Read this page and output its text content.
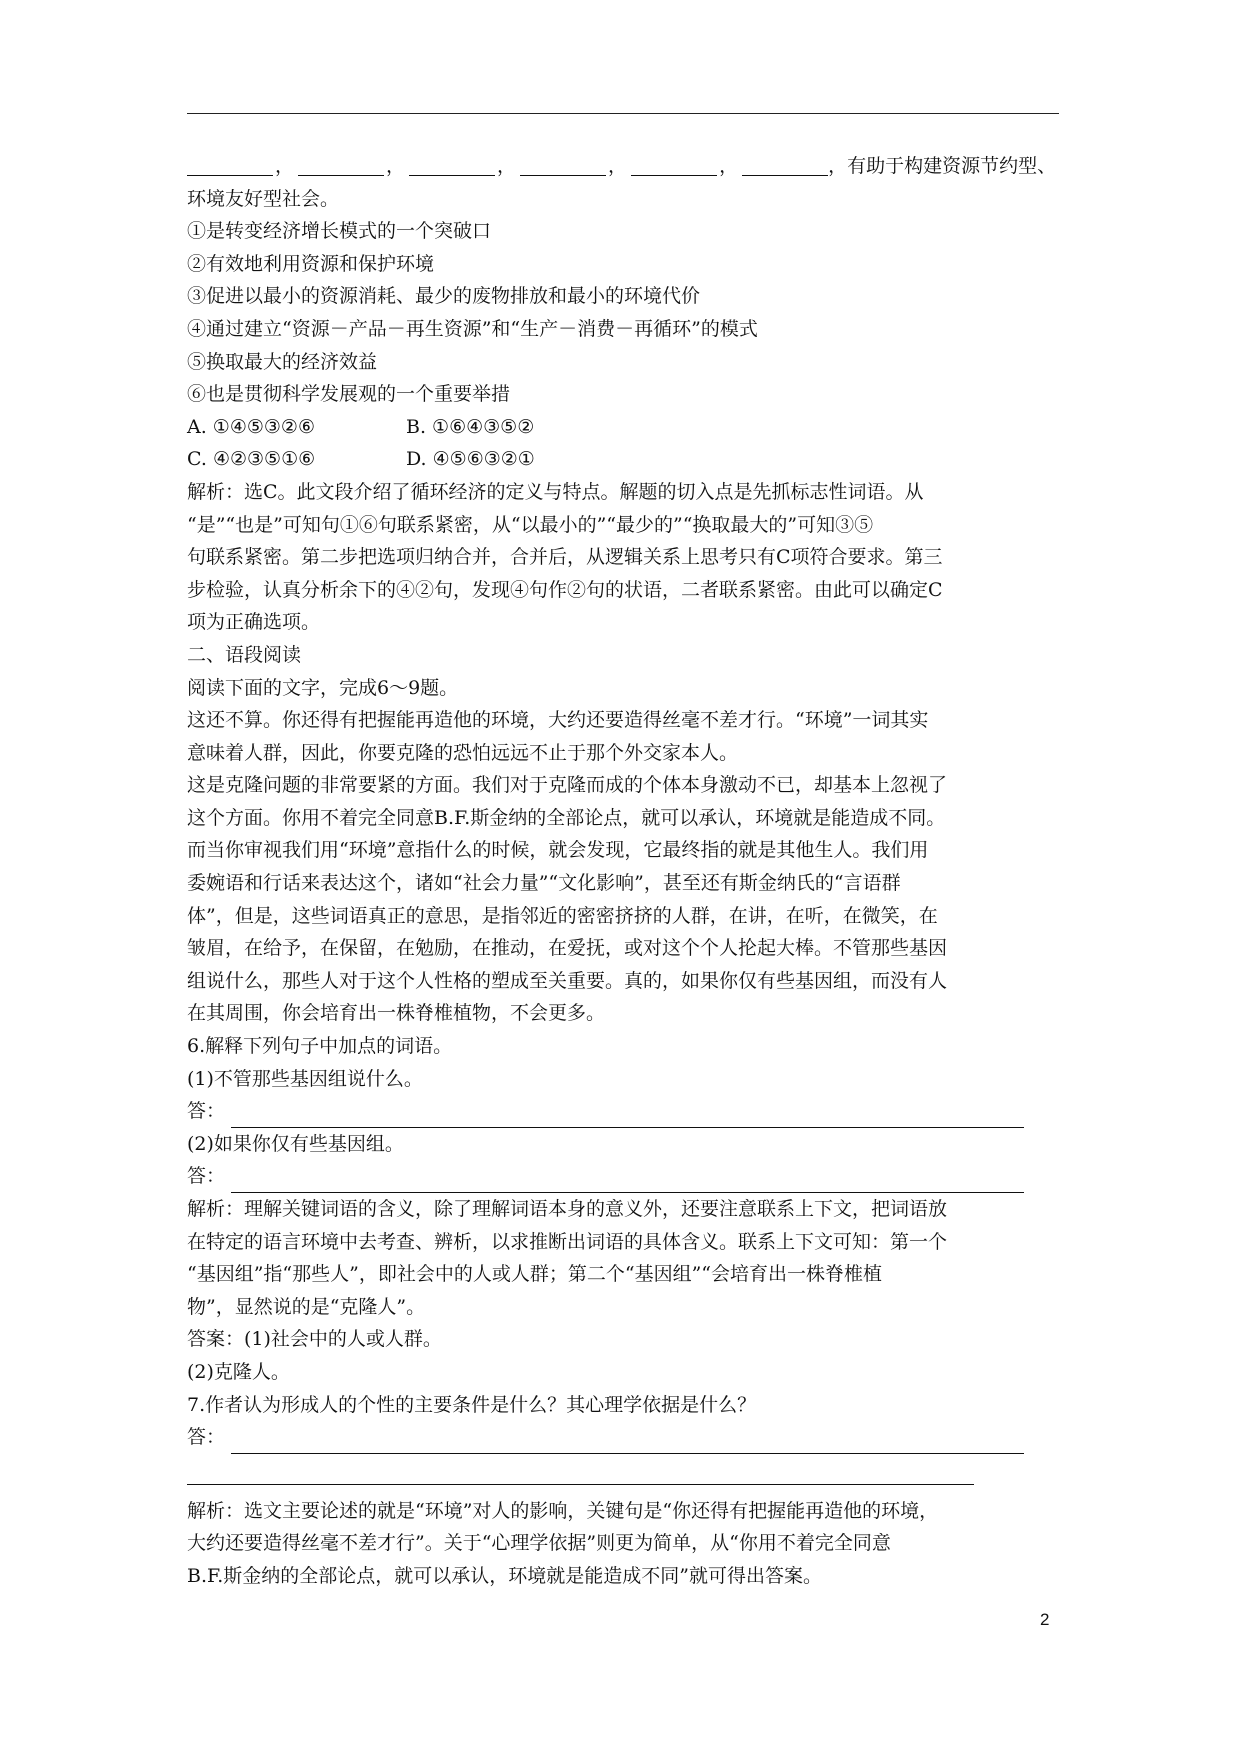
，	，	，	，	，	，有助于构建资源节约型、
环境友好型社会。
①是转变经济增长模式的一个突破口
②有效地利用资源和保护环境
③促进以最小的资源消耗、最少的废物排放和最小的环境代价
④通过建立“资源－产品－再生资源”和“生产－消费－再循环”的模式
⑤换取最大的经济效益
⑥也是贯彻科学发展观的一个重要举措
A. ①④⑤③②⑥	B. ①⑥④③⑤②
C. ④②③⑤①⑥	D. ④⑤⑥③②①
解析：选C。此文段介绍了循环经济的定义与特点。解题的切入点是先抓标志性词语。从
“是”“也是”可知句①⑥句联系紧密，从“以最小的”“最少的”“换取最大的”可知③⑤
句联系紧密。第二步把选项归纳合并，合并后，从逻辑关系上思考只有C项符合要求。第三
步检验，认真分析余下的④②句，发现④句作②句的状语，二者联系紧密。由此可以确定C
项为正确选项。
二、语段阅读
阅读下面的文字，完成6～9题。
这还不算。你还得有把握能再造他的环境，大约还要造得丝毫不差才行。“环境”一词其实
意味着人群，因此，你要克隆的恐怕远远不止于那个外交家本人。
这是克隆问题的非常要紧的方面。我们对于克隆而成的个体本身激动不已，却基本上忽视了
这个方面。你用不着完全同意B.F.斯金纳的全部论点，就可以承认，环境就是能造成不同。
而当你审视我们用“环境”意指什么的时候，就会发现，它最终指的就是其他生人。我们用
委婉语和行话来表达这个，诸如“社会力量”“文化影响”，甚至还有斯金纳氏的“言语群
体”，但是，这些词语真正的意思，是指邻近的密密挤挤的人群，在讲，在听，在微笑，在
皱眉，在给予，在保留，在勉励，在推动，在爱抚，或对这个个人抡起大棒。不管那些基因
组说什么，那些人对于这个人性格的塑成至关重要。真的，如果你仅有些基因组，而没有人
在其周围，你会培育出一株脊椎植物，不会更多。
6.解释下列句子中加点的词语。
(1)不管那些基因组说什么。
答：
(2)如果你仅有些基因组。
答：
解析：理解关键词语的含义，除了理解词语本身的意义外，还要注意联系上下文，把词语放
在特定的语言环境中去考查、辨析，以求推断出词语的具体含义。联系上下文可知：第一个
“基因组”指“那些人”，即社会中的人或人群；第二个“基因组”“会培育出一株脊椎植
物”，显然说的是“克隆人”。
答案：(1)社会中的人或人群。
(2)克隆人。
7.作者认为形成人的个性的主要条件是什么？其心理学依据是什么？
答：
解析：选文主要论述的就是“环境”对人的影响，关键句是“你还得有把握能再造他的环境，
大约还要造得丝毫不差才行”。关于“心理学依据”则更为简单，从“你用不着完全同意
B.F.斯金纳的全部论点，就可以承认，环境就是能造成不同”就可得出答案。
2
